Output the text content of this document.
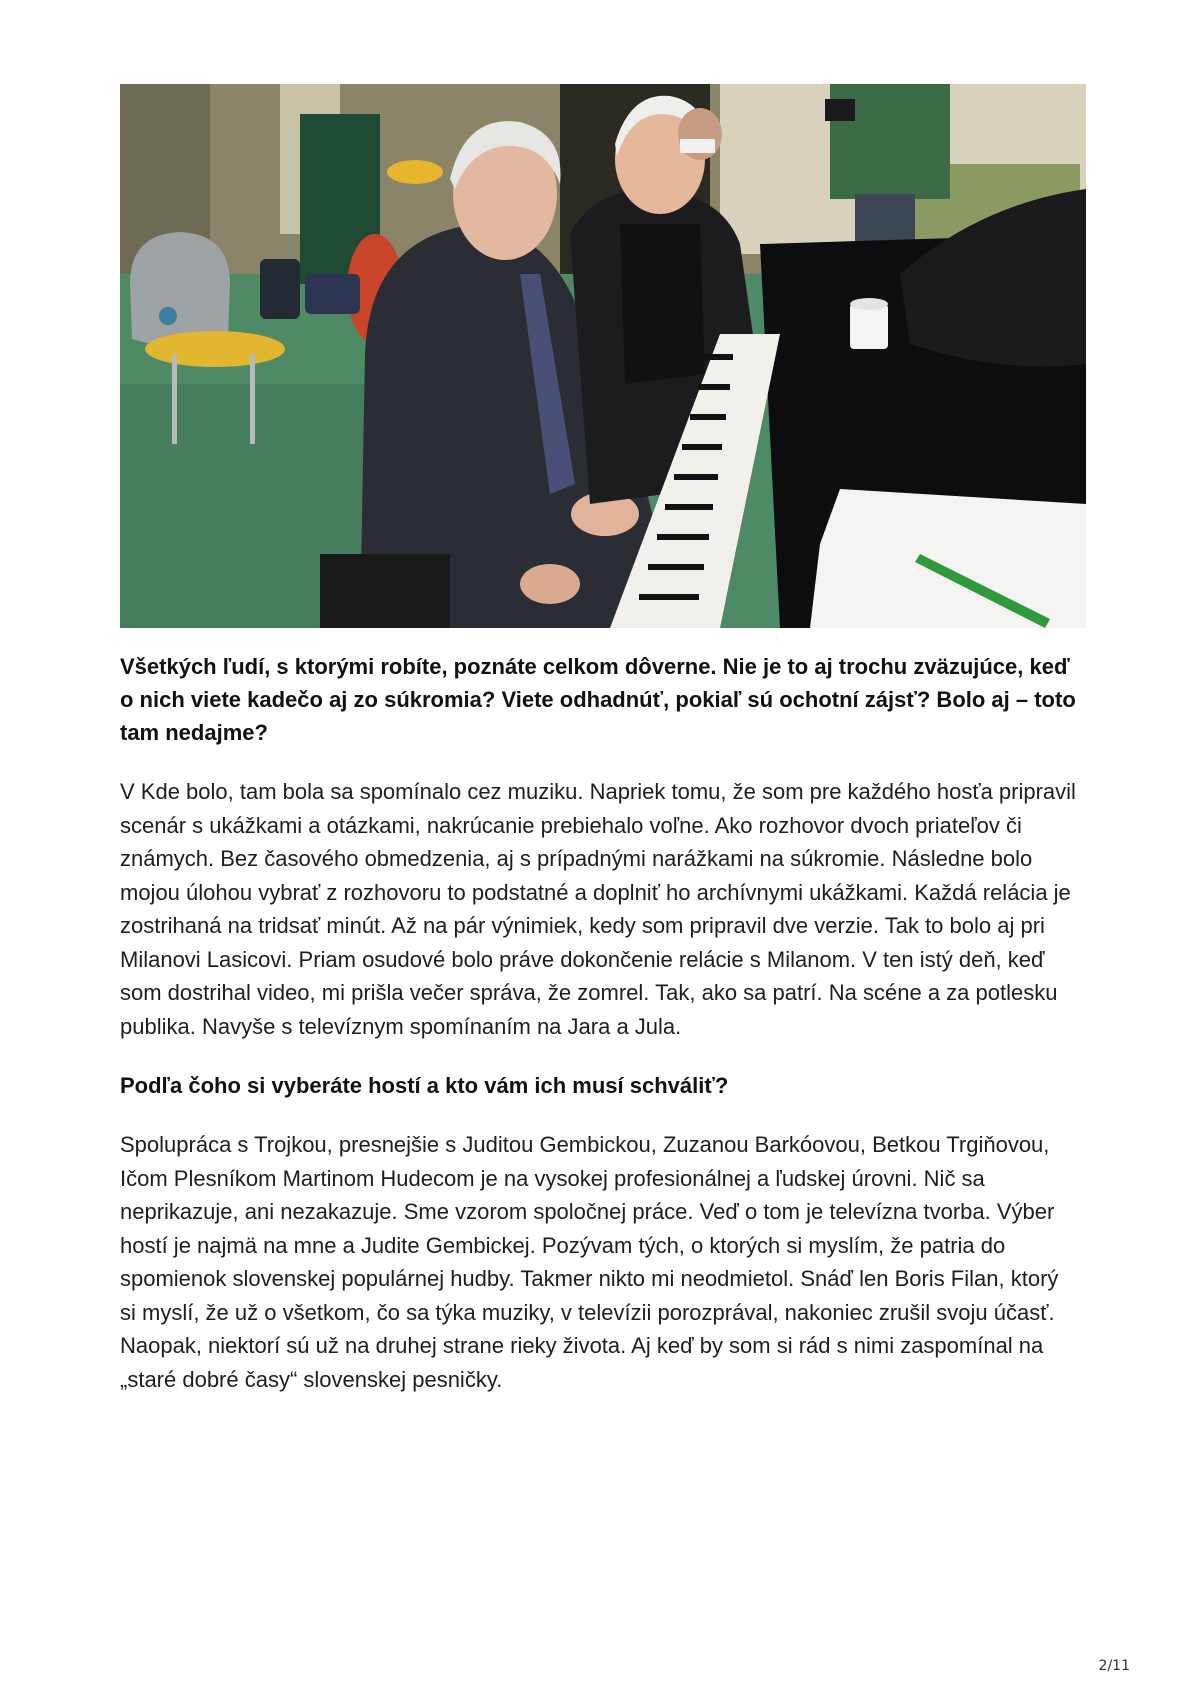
Všetkých ľudí, s ktorými robíte, poznáte celkom dôverne. Nie je to aj trochu zväzujúce, keď o nich viete kadečo aj zo súkromia? Viete odhadnúť, pokiaľ sú ochotní zájsť? Bolo aj – toto tam nedajme?

V Kde bolo, tam bola sa spomínalo cez muziku. Napriek tomu, že som pre každého hosťa pripravil scenár s ukážkami a otázkami, nakrúcanie prebiehalo voľne. Ako rozhovor dvoch priateľov či známych. Bez časového obmedzenia, aj s prípadnými narážkami na súkromie. Následne bolo mojou úlohou vybrať z rozhovoru to podstatné a doplniť ho archívnymi ukážkami. Každá relácia je zostrihaná na tridsať minút. Až na pár výnimiek, kedy som pripravil dve verzie. Tak to bolo aj pri Milanovi Lasicovi. Priam osudové bolo práve dokončenie relácie s Milanom. V ten istý deň, keď som dostrihal video, mi prišla večer správa, že zomrel. Tak, ako sa patrí. Na scéne a za potlesku publika. Navyše s televíznym spomínaním na Jara a Jula.

Podľa čoho si vyberáte hostí a kto vám ich musí schváliť?

Spolupráca s Trojkou, presnejšie s Juditou Gembickou, Zuzanou Barkóovou, Betkou Trgiňovou, Ičom Plesníkom Martinom Hudecom je na vysokej profesionálnej a ľudskej úrovni. Nič sa neprikazuje, ani nezakazuje. Sme vzorom spoločnej práce. Veď o tom je televízna tvorba. Výber hostí je najmä na mne a Judite Gembickej. Pozývam tých, o ktorých si myslím, že patria do spomienok slovenskej populárnej hudby. Takmer nikto mi neodmietol. Snáď len Boris Filan, ktorý si myslí, že už o všetkom, čo sa týka muziky, v televízii porozprával, nakoniec zrušil svoju účasť. Naopak, niektorí sú už na druhej strane rieky života. Aj keď by som si rád s nimi zaspomínal na „staré dobré časy“ slovenskej pesničky.

2/11
